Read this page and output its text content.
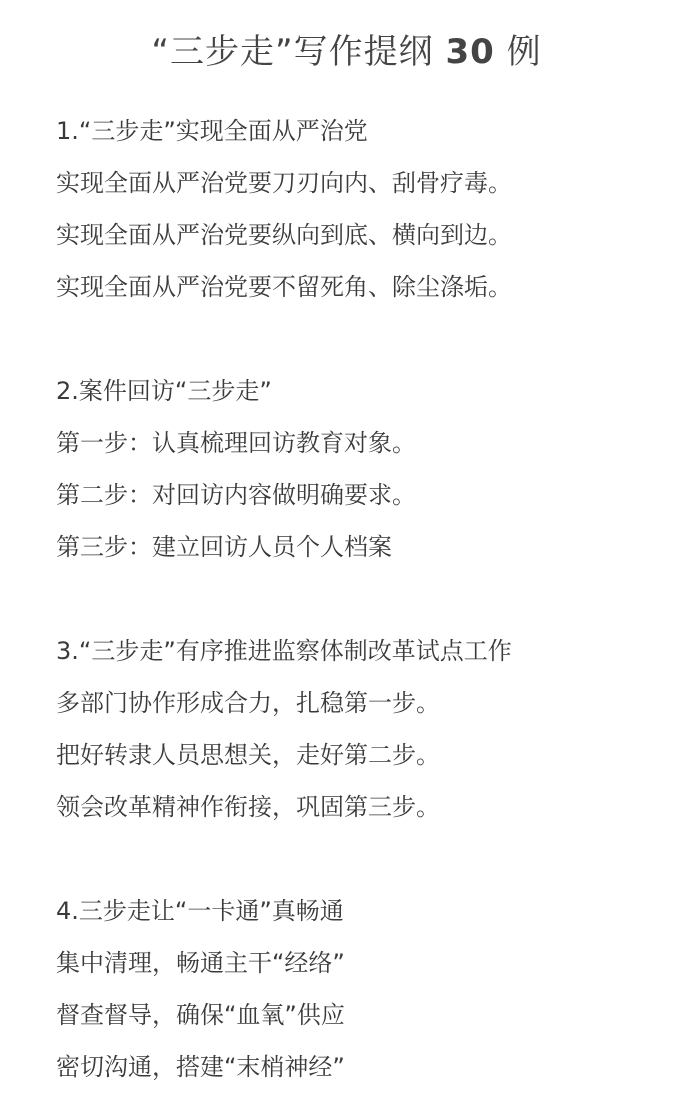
“三步走”写作提纲 30 例
1.“三步走”实现全面从严治党
实现全面从严治党要刀刃向内、刮骨疗毒。
实现全面从严治党要纵向到底、横向到边。
实现全面从严治党要不留死角、除尘涤垢。
2.案件回访“三步走”
第一步：认真梳理回访教育对象。
第二步：对回访内容做明确要求。
第三步：建立回访人员个人档案
3.“三步走”有序推进监察体制改革试点工作
多部门协作形成合力，扎稳第一步。
把好转隶人员思想关，走好第二步。
领会改革精神作衔接，巩固第三步。
4.三步走让“一卡通”真畅通
集中清理，畅通主干“经络”
督查督导，确保“血氧”供应
密切沟通，搭建“末梢神经”
